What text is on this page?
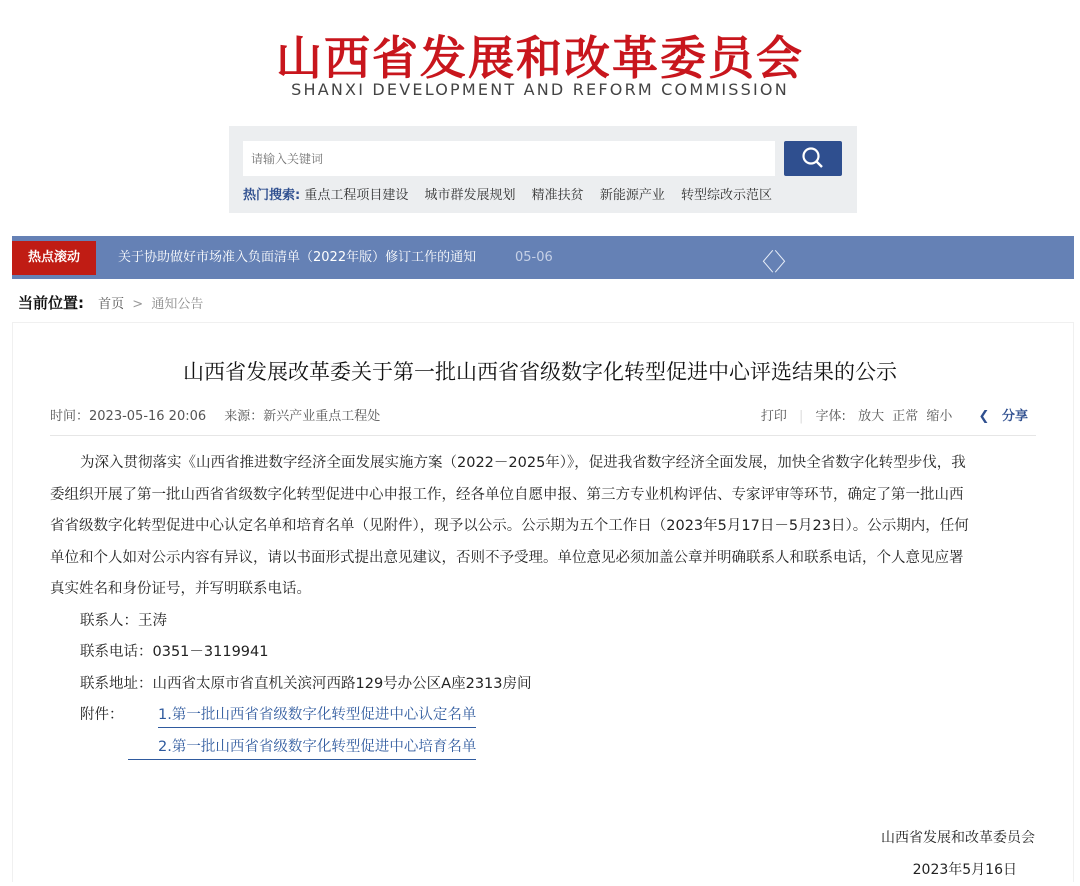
山西省发展和改革委员会
SHANXI DEVELOPMENT AND REFORM COMMISSION
请输入关键词
热门搜索: 重点工程项目建设 城市群发展规划 精准扶贫 新能源产业 转型综改示范区
热点滚动	关于协助做好市场准入负面清单（2022年版）修订工作的通知	05-06	〈〉
当前位置: 首页 > 通知公告
山西省发展改革委关于第一批山西省省级数字化转型促进中心评选结果的公示
时间：2023-05-16 20:06 来源：新兴产业重点工程处	打印 | 字体: 放大 正常 缩小 ❮ 分享
为深入贯彻落实《山西省推进数字经济全面发展实施方案（2022－2025年）》，促进我省数字经济全面发展，加快全省数字化转型步伐，我
委组织开展了第一批山西省省级数字化转型促进中心申报工作，经各单位自愿申报、第三方专业机构评估、专家评审等环节，确定了第一批山西
省省级数字化转型促进中心认定名单和培育名单（见附件），现予以公示。公示期为五个工作日（2023年5月17日－5月23日）。公示期内，任何
单位和个人如对公示内容有异议，请以书面形式提出意见建议，否则不予受理。单位意见必须加盖公章并明确联系人和联系电话，个人意见应署
真实姓名和身份证号，并写明联系电话。
联系人：王涛
联系电话：0351－3119941
联系地址：山西省太原市省直机关滨河西路129号办公区A座2313房间
附件： 1.第一批山西省省级数字化转型促进中心认定名单
2.第一批山西省省级数字化转型促进中心培育名单
山西省发展和改革委员会
2023年5月16日
